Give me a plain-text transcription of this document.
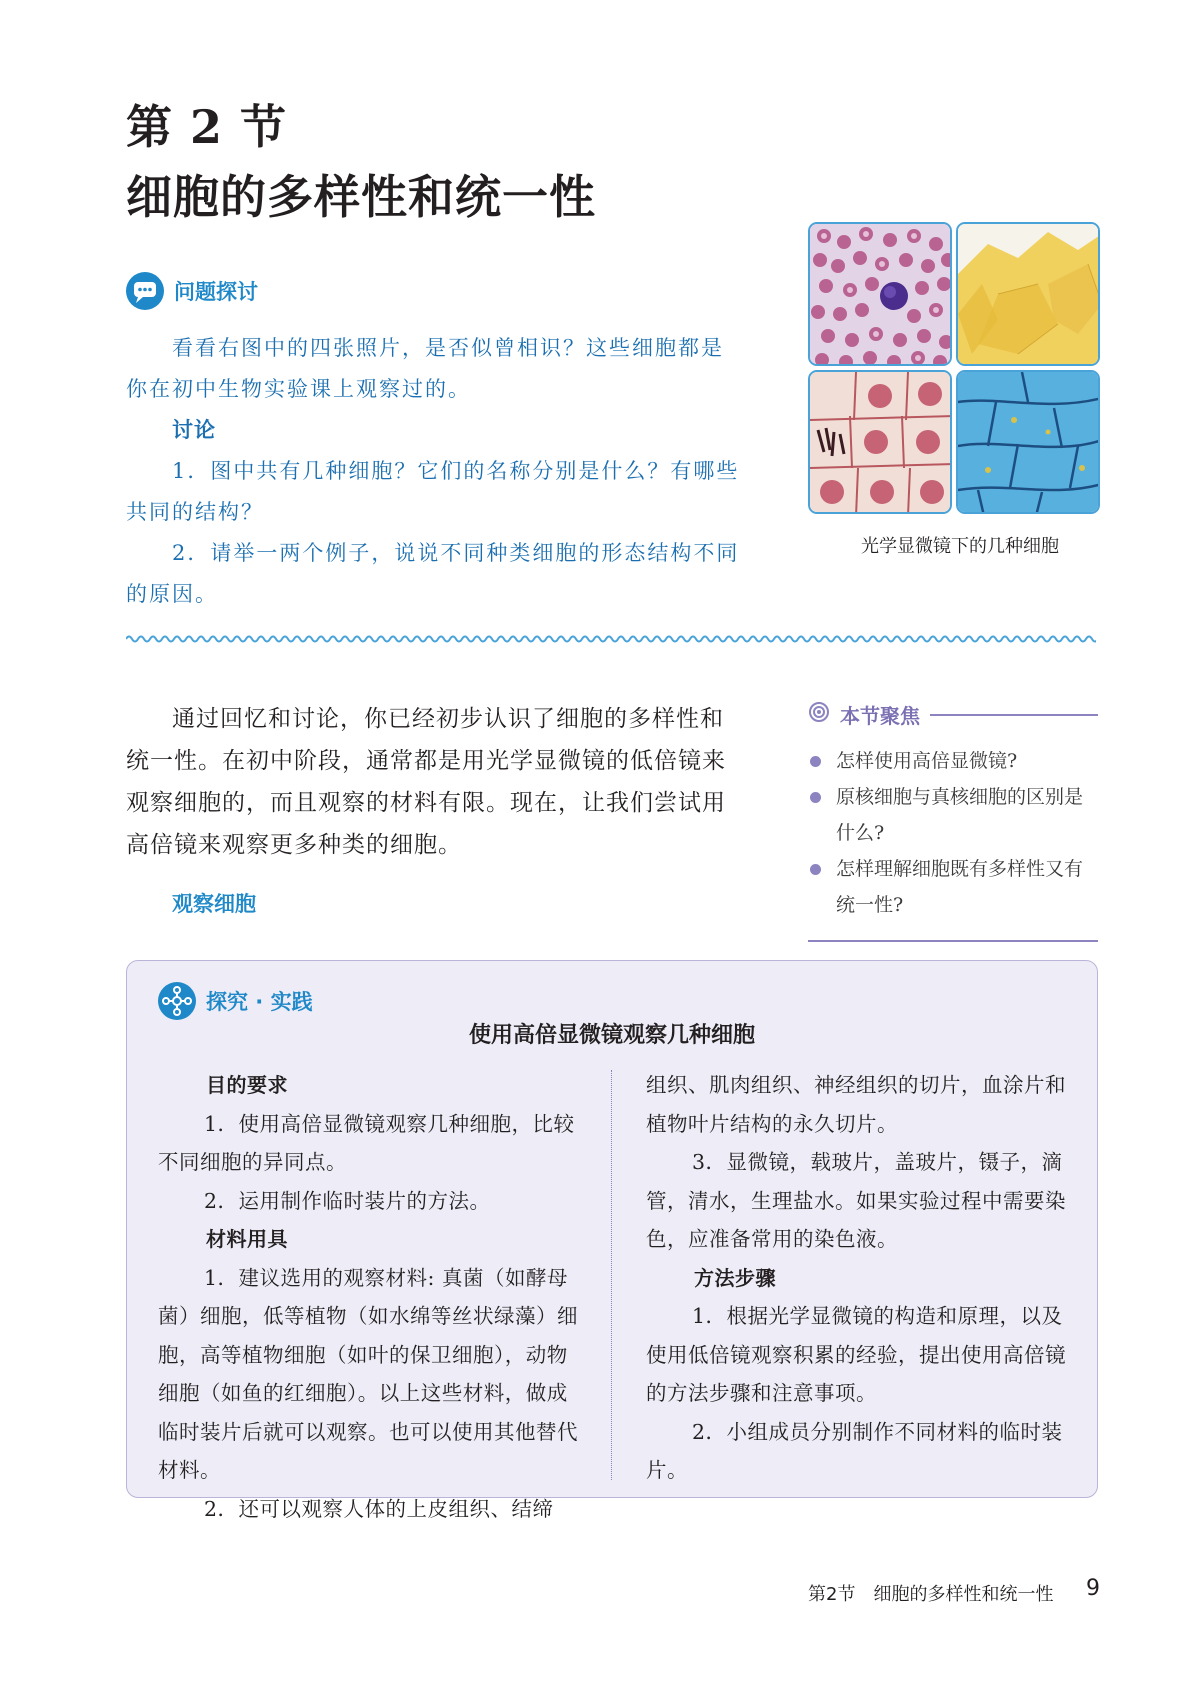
第 2 节
细胞的多样性和统一性
问题探讨

看看右图中的四张照片，是否似曾相识？这些细胞都是你在初中生物实验课上观察过的。

讨论

1．图中共有几种细胞？它们的名称分别是什么？有哪些共同的结构？

2．请举一两个例子，说说不同种类细胞的形态结构不同的原因。

光学显微镜下的几种细胞

通过回忆和讨论，你已经初步认识了细胞的多样性和统一性。在初中阶段，通常都是用光学显微镜的低倍镜来观察细胞的，而且观察的材料有限。现在，让我们尝试用高倍镜来观察更多种类的细胞。

观察细胞
本节聚焦
怎样使用高倍显微镜?
原核细胞与真核细胞的区别是什么?
怎样理解细胞既有多样性又有统一性?
探究 · 实践
使用高倍显微镜观察几种细胞

目的要求

1．使用高倍显微镜观察几种细胞，比较不同细胞的异同点。

2．运用制作临时装片的方法。

材料用具

1．建议选用的观察材料: 真菌（如酵母菌）细胞，低等植物（如水绵等丝状绿藻）细胞，高等植物细胞（如叶的保卫细胞），动物细胞（如鱼的红细胞）。以上这些材料，做成临时装片后就可以观察。也可以使用其他替代材料。

2．还可以观察人体的上皮组织、结缔

组织、肌肉组织、神经组织的切片，血涂片和植物叶片结构的永久切片。

3．显微镜，载玻片，盖玻片，镊子，滴管，清水，生理盐水。如果实验过程中需要染色，应准备常用的染色液。

方法步骤

1．根据光学显微镜的构造和原理，以及使用低倍镜观察积累的经验，提出使用高倍镜的方法步骤和注意事项。

2．小组成员分别制作不同材料的临时装片。

第2节　细胞的多样性和统一性 9
